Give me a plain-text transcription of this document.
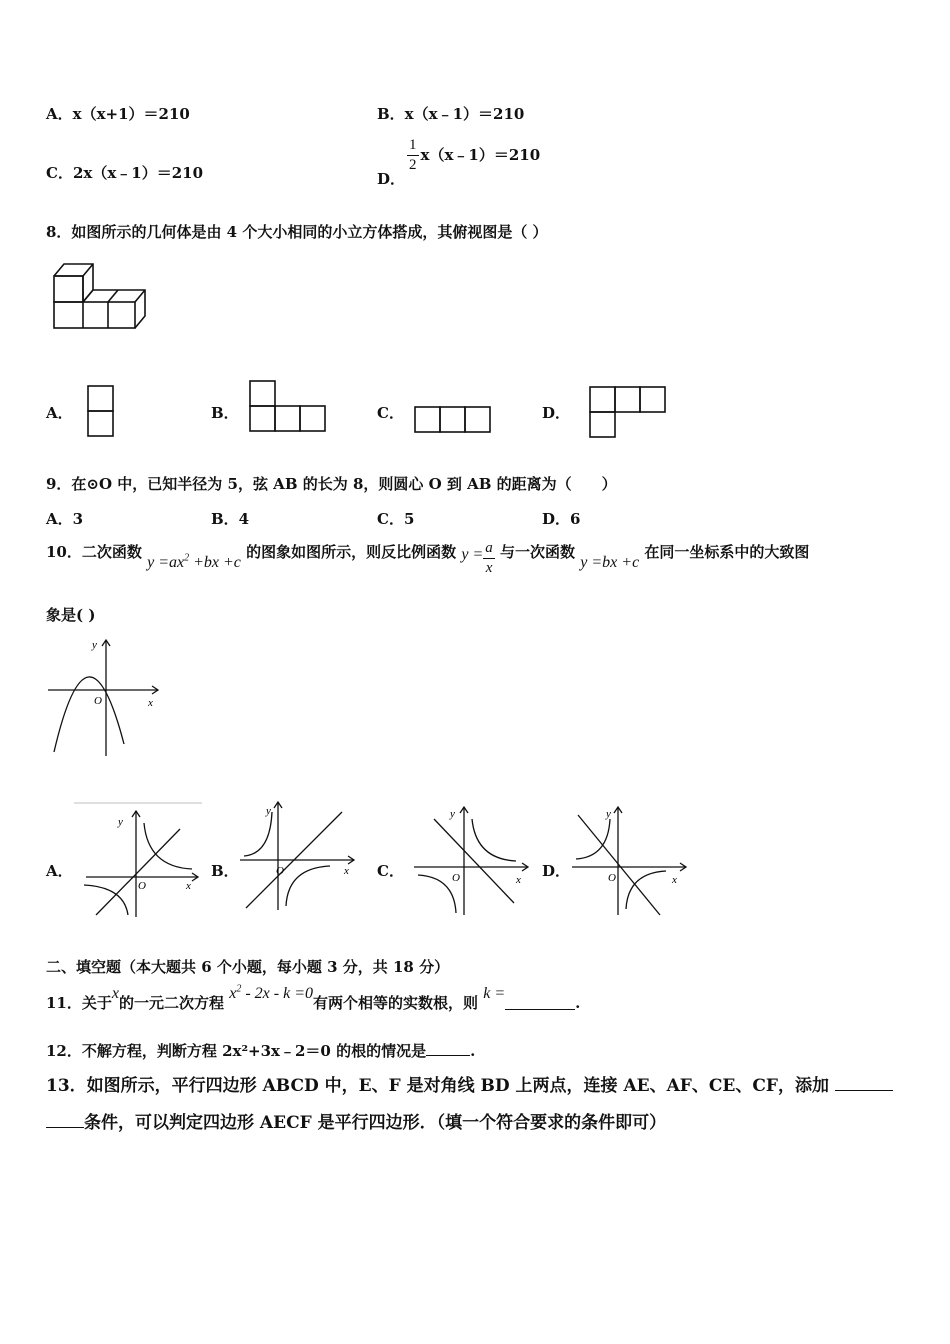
A．x（x+1）＝210	B．x（x﹣1）＝210
C．2x（x﹣1）＝210	D．
$\frac{1}{2}$ x（x﹣1）＝210
8．如图所示的几何体是由 4 个大小相同的小立方体搭成，其俯视图是（ ）
A．	B．	C．	D．
9．在⊙O 中，已知半径为 5，弦 AB 的长为 8，则圆心 O 到 AB 的距离为（　　）
A．3	B．4	C．5	D．6
10．二次函数 $y =ax^2 +bx +c$ 的图象如图所示，则反比例函数 $y = \frac{a}{x}$ 与一次函数 y =bx +c 在同一坐标系中的大致图
象是( )
y
x
O
A．
y
x
O
B．
y
x
O	C．
y
x
O	D．
y
x
O
二、填空题（本大题共 6 个小题，每小题 3 分，共 18 分）
11．关于x的一元二次方程 $x^2 - 2x - k =0$有两个相等的实数根，则 k =.
12．不解方程，判断方程 2x²+3x﹣2＝0 的根的情况是	.
13．如图所示，平行四边形 ABCD 中，E、F 是对角线 BD 上两点，连接 AE、AF、CE、CF，添加
条件，可以判定四边形 AECF 是平行四边形．（填一个符合要求的条件即可）
